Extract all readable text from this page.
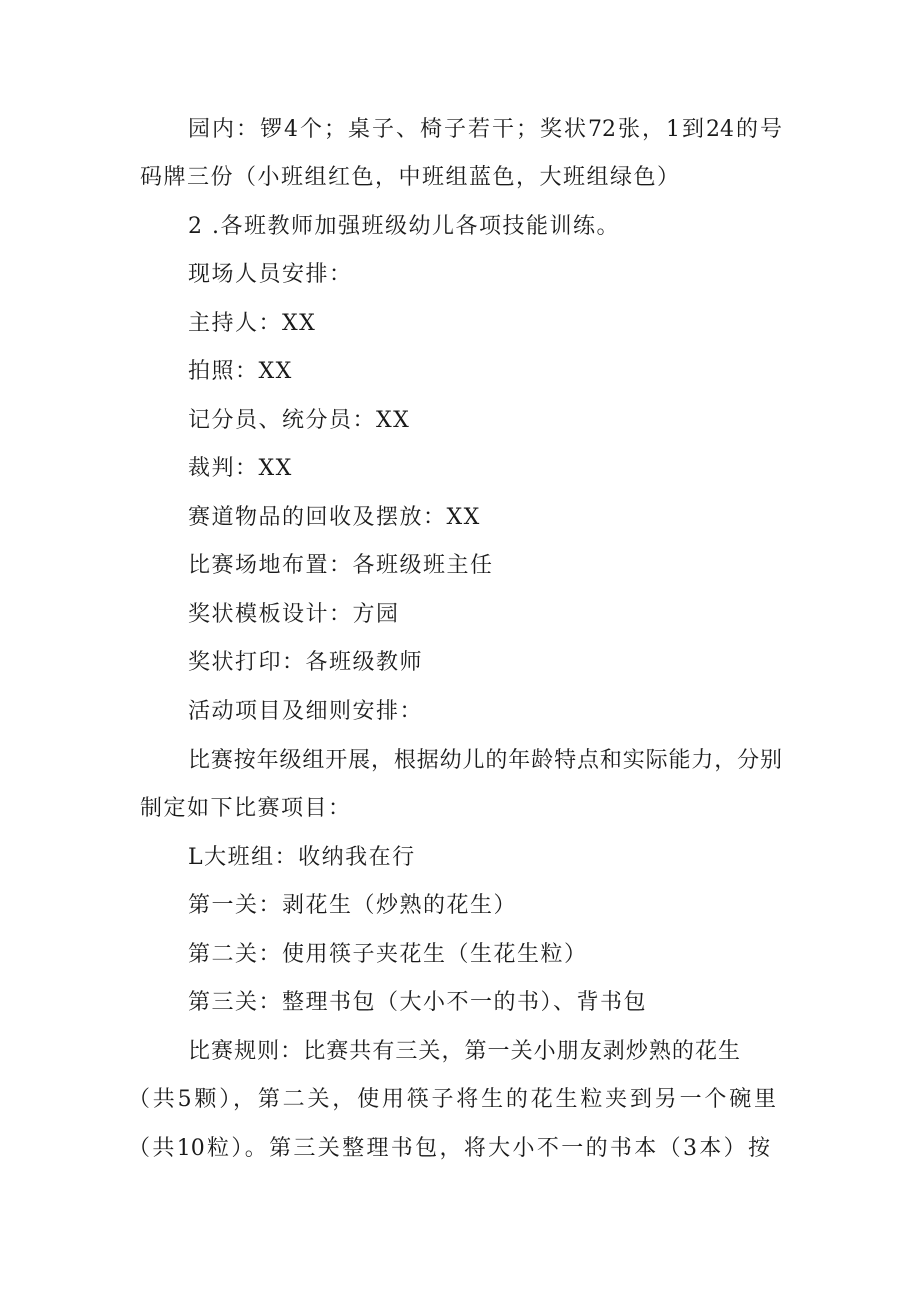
园内：锣4个；桌子、椅子若干；奖状72张，1到24的号
码牌三份（小班组红色，中班组蓝色，大班组绿色）
2 .各班教师加强班级幼儿各项技能训练。
现场人员安排：
主持人：XX
拍照：XX
记分员、统分员：XX
裁判：XX
赛道物品的回收及摆放：XX
比赛场地布置：各班级班主任
奖状模板设计：方园
奖状打印：各班级教师
活动项目及细则安排：
比赛按年级组开展，根据幼儿的年龄特点和实际能力，分别
制定如下比赛项目：
L大班组：收纳我在行
第一关：剥花生（炒熟的花生）
第二关：使用筷子夹花生（生花生粒）
第三关：整理书包（大小不一的书）、背书包
比赛规则：比赛共有三关，第一关小朋友剥炒熟的花生
（共5颗），第二关，使用筷子将生的花生粒夹到另一个碗里
（共10粒）。第三关整理书包，将大小不一的书本（3本）按
